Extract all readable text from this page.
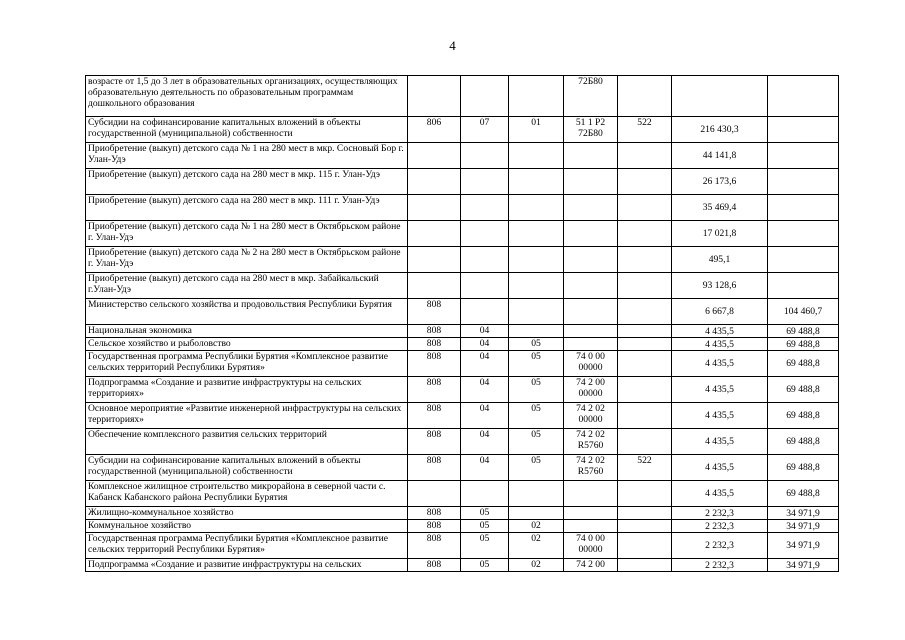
4
возрасте от 1,5 до 3 лет в образовательных организациях, осуществляющих образовательную деятельность по образовательным программам дошкольного образования				72Б80			
Субсидии на софинансирование капитальных вложений в объекты государственной (муниципальной) собственности	806	07	01	51 1 Р2 72Б80	522	216 430,3	
Приобретение (выкуп) детского сада № 1 на 280 мест в мкр. Сосновый Бор г. Улан-Удэ						44 141,8	
Приобретение (выкуп) детского сада на 280 мест в мкр. 115 г. Улан-Удэ						26 173,6	
Приобретение (выкуп) детского сада на 280 мест в мкр. 111 г. Улан-Удэ						35 469,4	
Приобретение (выкуп) детского сада № 1 на 280 мест в Октябрьском районе г. Улан-Удэ						17 021,8	
Приобретение (выкуп) детского сада № 2 на 280 мест в Октябрьском районе г. Улан-Удэ						495,1	
Приобретение (выкуп) детского сада на 280 мест в мкр. Забайкальский г.Улан-Удэ						93 128,6	
Министерство сельского хозяйства и продовольствия Республики Бурятия	808					6 667,8	104 460,7
Национальная экономика	808	04				4 435,5	69 488,8
Сельское хозяйство и рыболовство	808	04	05			4 435,5	69 488,8
Государственная программа Республики Бурятия «Комплексное развитие сельских территорий Республики Бурятия»	808	04	05	74 0 00 00000		4 435,5	69 488,8
Подпрограмма «Создание и развитие инфраструктуры на сельских территориях»	808	04	05	74 2 00 00000		4 435,5	69 488,8
Основное мероприятие «Развитие инженерной инфраструктуры на сельских территориях»	808	04	05	74 2 02 00000		4 435,5	69 488,8
Обеспечение комплексного развития сельских территорий	808	04	05	74 2 02 R5760		4 435,5	69 488,8
Субсидии на софинансирование капитальных вложений в объекты государственной (муниципальной) собственности	808	04	05	74 2 02 R5760	522	4 435,5	69 488,8
Комплексное жилищное строительство микрорайона в северной части с. Кабанск Кабанского района Республики Бурятия						4 435,5	69 488,8
Жилищно-коммунальное хозяйство	808	05				2 232,3	34 971,9
Коммунальное хозяйство	808	05	02			2 232,3	34 971,9
Государственная программа Республики Бурятия «Комплексное развитие сельских территорий Республики Бурятия»	808	05	02	74 0 00 00000		2 232,3	34 971,9
Подпрограмма «Создание и развитие инфраструктуры на сельских	808	05	02	74 2 00		2 232,3	34 971,9
